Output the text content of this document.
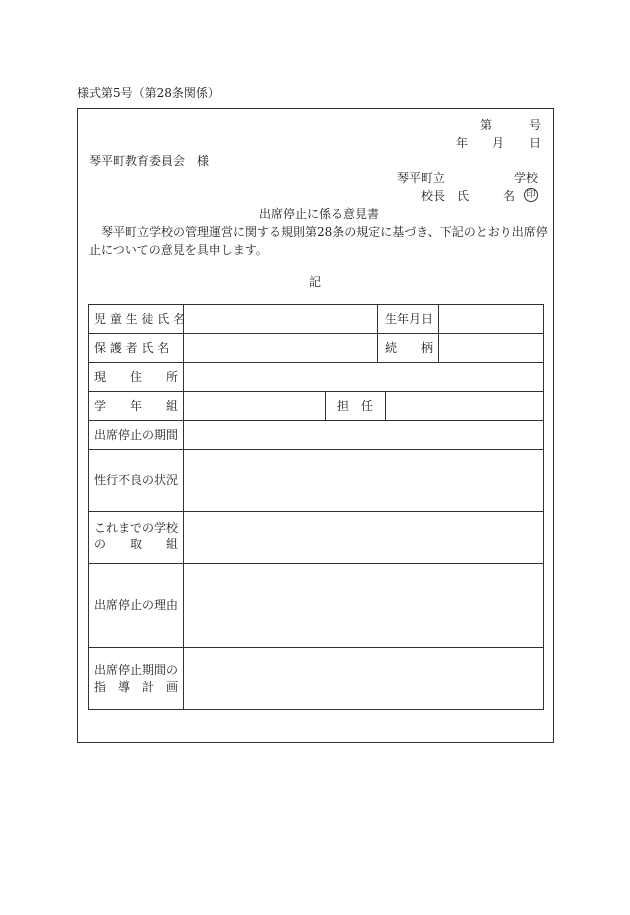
様式第5号（第28条関係）
第	号
年 月 日
琴平町教育委員会　様
琴平町立	学校
校長　氏	名 印
出席停止に係る意見書
琴平町立学校の管理運営に関する規則第28条の規定に基づき、下記のとおり出席停
止についての意見を具申します。
記
児 童 生 徒 氏 名	生年月日
保 護 者 氏 名	続　　柄
現　　住　　所
学　　年　　組	担　任
出席停止の期間
性行不良の状況
これまでの学校
の　　取　　組
出席停止の理由
出席停止期間の
指　導　計　画
